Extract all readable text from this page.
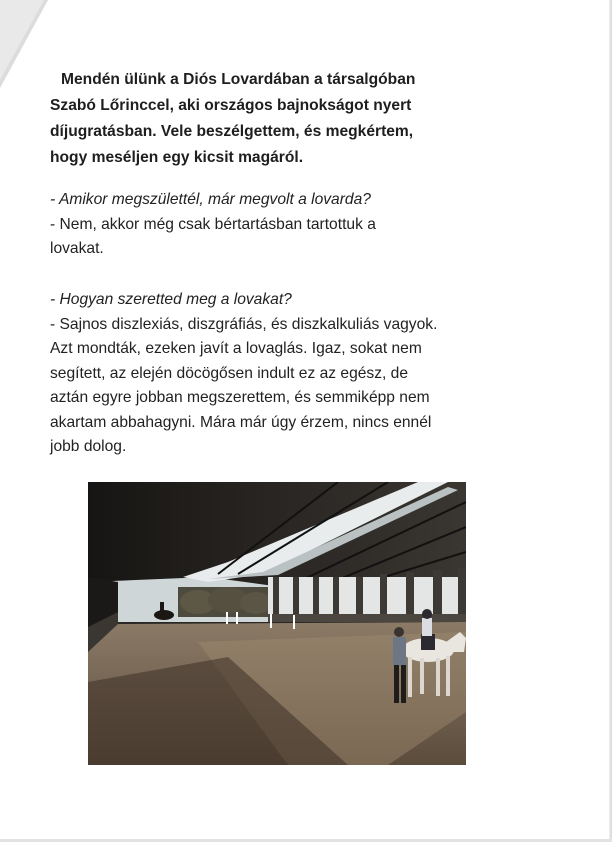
Mendén ülünk a Diós Lovardában a társalgóban
Szabó Lőrinccel, aki országos bajnokságot nyert
díjugratásban. Vele beszélgettem, és megkértem,
hogy meséljen egy kicsit magáról.
- Amikor megszülettél, már megvolt a lovarda?
- Nem, akkor még csak bértartásban tartottuk a
lovakat.
- Hogyan szeretted meg a lovakat?
- Sajnos diszlexiás, diszgráfiás, és diszkalkuliás vagyok.
Azt mondták, ezeken javít a lovaglás. Igaz, sokat nem
segített, az elején döcögősen indult ez az egész, de
aztán egyre jobban megszerettem, és semmiképp nem
akartam abbahagyni. Mára már úgy érzem, nincs ennél
jobb dolog.
